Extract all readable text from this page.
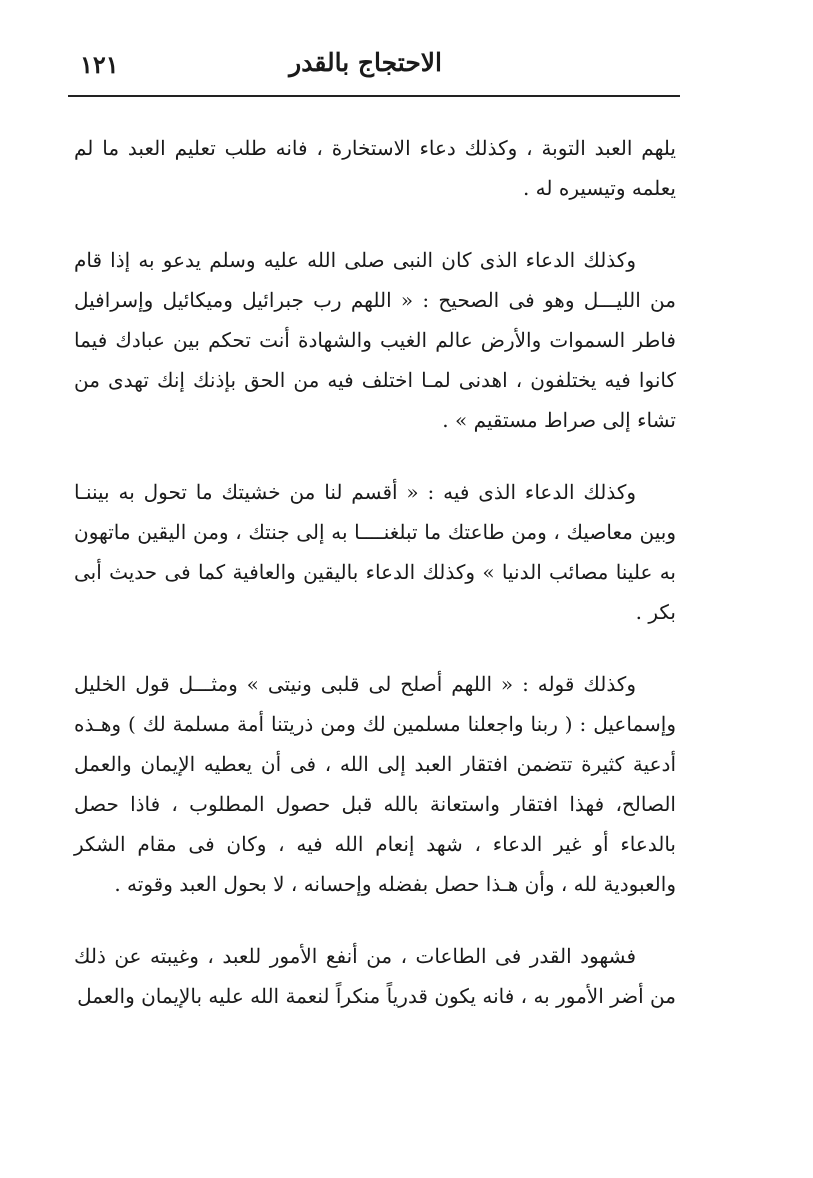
الاحتجاج بالقدر
١٢١

يلهم العبد التوبة ، وكذلك دعاء الاستخارة ، فانه طلب تعليم العبد ما لم يعلمه وتيسيره له .

وكذلك الدعاء الذى كان النبى صلى الله عليه وسلم يدعو به إذا قام من الليـــل وهو فى الصحيح : « اللهم رب جبرائيل وميكائيل وإسرافيل فاطر السموات والأرض عالم الغيب والشهادة أنت تحكم بين عبادك فيما كانوا فيه يختلفون ، اهدنى لمـا اختلف فيه من الحق بإذنك إنك تهدى من تشاء إلى صراط مستقيم » .

وكذلك الدعاء الذى فيه : « أقسم لنا من خشيتك ما تحول به بيننـا وبين معاصيك ، ومن طاعتك ما تبلغنــــا به إلى جنتك ، ومن اليقين ماتهون به علينا مصائب الدنيا » وكذلك الدعاء باليقين والعافية كما فى حديث أبى بكر .

وكذلك قوله : « اللهم أصلح لى قلبى ونيتى » ومثـــل قول الخليل وإسماعيل : ( ربنا واجعلنا مسلمين لك ومن ذريتنا أمة مسلمة لك ) وهـذه أدعية كثيرة تتضمن افتقار العبد إلى الله ، فى أن يعطيه الإيمان والعمل الصالح، فهذا افتقار واستعانة بالله قبل حصول المطلوب ، فاذا حصل بالدعاء أو غير الدعاء ، شهد إنعام الله فيه ، وكان فى مقام الشكر والعبودية لله ، وأن هـذا حصل بفضله وإحسانه ، لا بحول العبد وقوته .

فشهود القدر فى الطاعات ، من أنفع الأمور للعبد ، وغيبته عن ذلك من أضر الأمور به ، فانه يكون قدرياً منكراً لنعمة الله عليه بالإيمان والعمل
